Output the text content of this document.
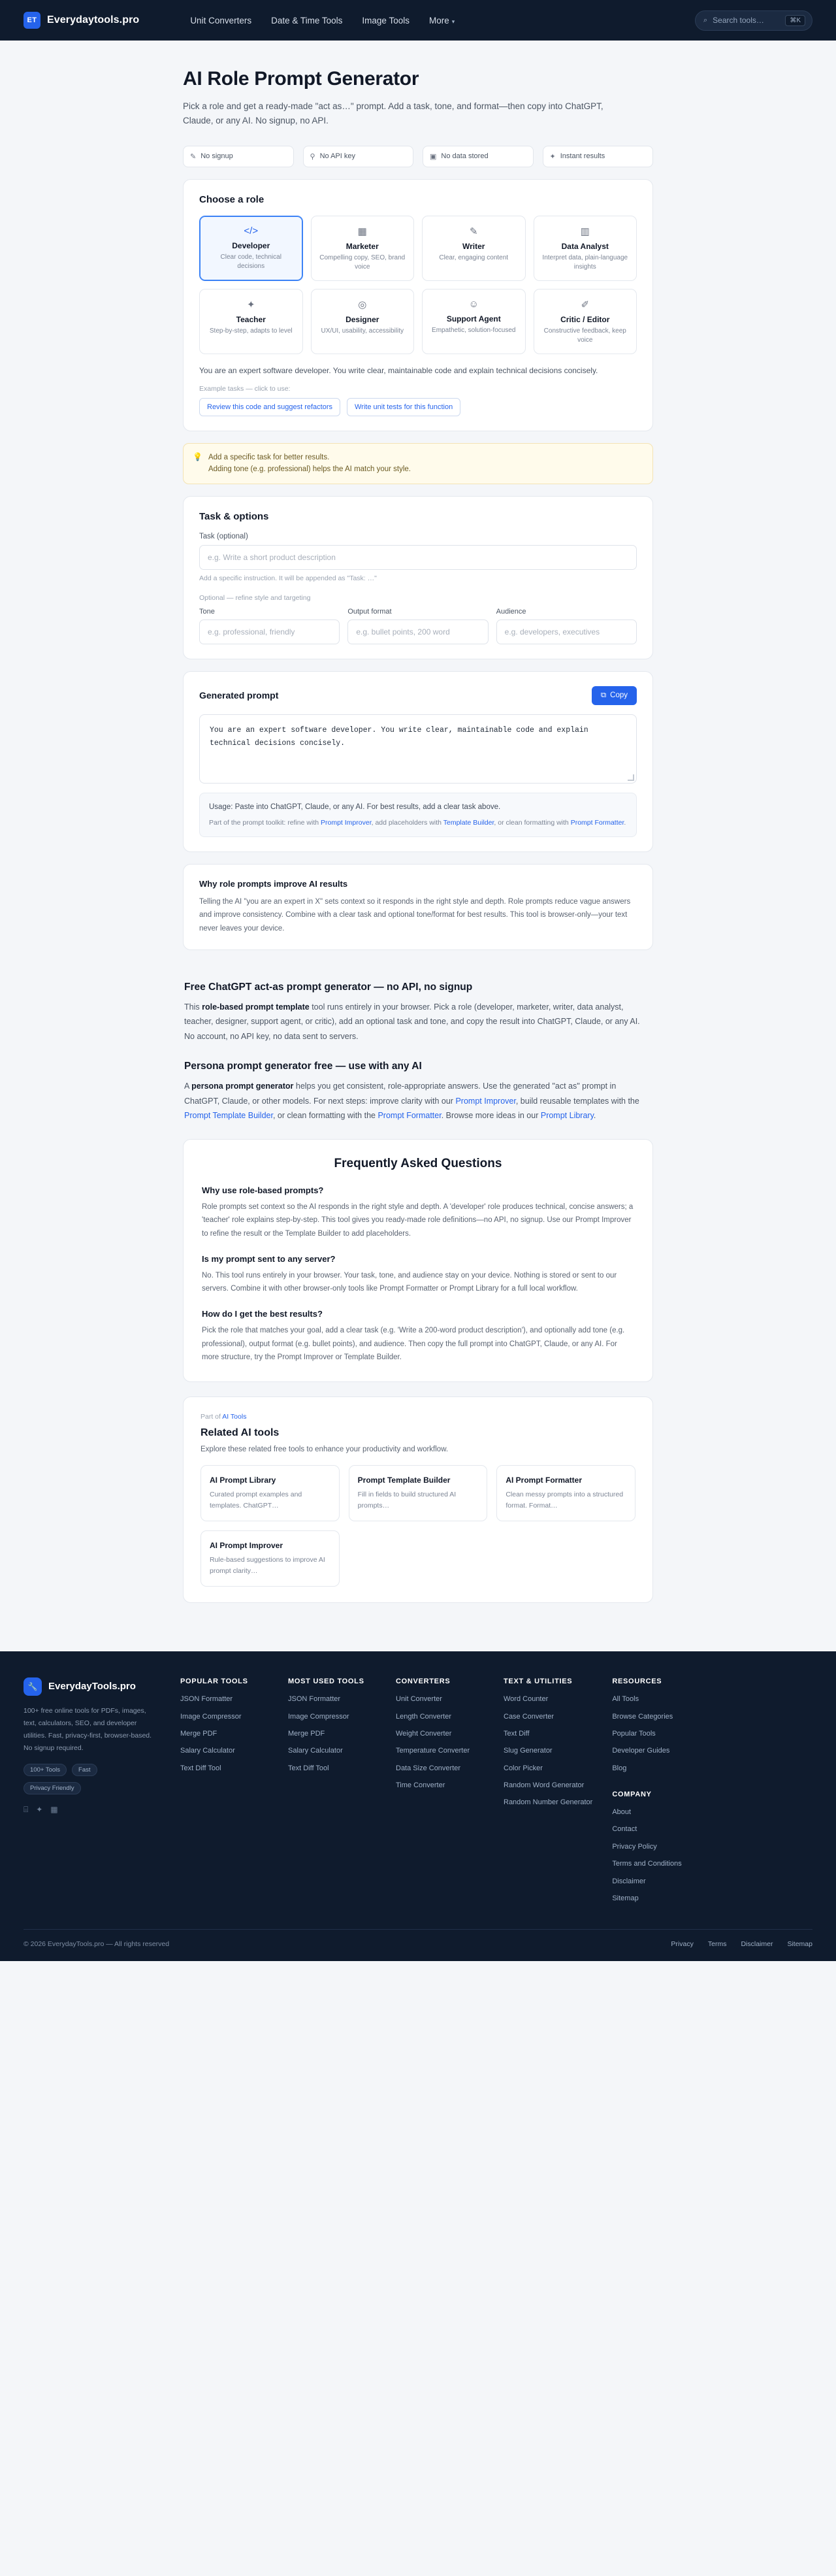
ET Everydaytools.pro	Unit Converters Date & Time Tools Image Tools More ▾	⌕ Search tools…	⌘K
AI Role Prompt Generator

Pick a role and get a ready-made "act as…" prompt. Add a task, tone, and format—then copy into ChatGPT, Claude, or any AI. No signup, no API.

✎ No signup	⚲ No API key	▣ No data stored	✦ Instant results
Choose a role
</>
Developer
Clear code, technical decisions
▦
Marketer
Compelling copy, SEO, brand voice
✎
Writer
Clear, engaging content
▥
Data Analyst
Interpret data, plain-language insights
✦
Teacher
Step-by-step, adapts to level
◎
Designer
UX/UI, usability, accessibility
☺
Support Agent
Empathetic, solution-focused
✐
Critic / Editor
Constructive feedback, keep voice
You are an expert software developer. You write clear, maintainable code and explain technical decisions concisely.
Example tasks — click to use:
Review this code and suggest refactors	Write unit tests for this function
💡 Add a specific task for better results.
Adding tone (e.g. professional) helps the AI match your style.
Task & options
Task (optional)
e.g. Write a short product description
Add a specific instruction. It will be appended as "Task: …"
Optional — refine style and targeting
Tone
e.g. professional, friendly	Output format
e.g. bullet points, 200 word	Audience
e.g. developers, executives
Generated prompt	⧉ Copy
You are an expert software developer. You write clear, maintainable code and explain technical decisions concisely.
Usage: Paste into ChatGPT, Claude, or any AI. For best results, add a clear task above.
Part of the prompt toolkit: refine with Prompt Improver, add placeholders with Template Builder, or clean formatting with Prompt Formatter.
Why role prompts improve AI results
Telling the AI "you are an expert in X" sets context so it responds in the right style and depth. Role prompts reduce vague answers and improve consistency. Combine with a clear task and optional tone/format for best results. This tool is browser-only—your text never leaves your device.
Free ChatGPT act-as prompt generator — no API, no signup

This role-based prompt template tool runs entirely in your browser. Pick a role (developer, marketer, writer, data analyst, teacher, designer, support agent, or critic), add an optional task and tone, and copy the result into ChatGPT, Claude, or any AI. No account, no API key, no data sent to servers.

Persona prompt generator free — use with any AI

A persona prompt generator helps you get consistent, role-appropriate answers. Use the generated "act as" prompt in ChatGPT, Claude, or other models. For next steps: improve clarity with our Prompt Improver, build reusable templates with the Prompt Template Builder, or clean formatting with the Prompt Formatter. Browse more ideas in our Prompt Library.

Frequently Asked Questions
Why use role-based prompts?
Role prompts set context so the AI responds in the right style and depth. A 'developer' role produces technical, concise answers; a 'teacher' role explains step-by-step. This tool gives you ready-made role definitions—no API, no signup. Use our Prompt Improver to refine the result or the Template Builder to add placeholders.
Is my prompt sent to any server?
No. This tool runs entirely in your browser. Your task, tone, and audience stay on your device. Nothing is stored or sent to our servers. Combine it with other browser-only tools like Prompt Formatter or Prompt Library for a full local workflow.
How do I get the best results?
Pick the role that matches your goal, add a clear task (e.g. 'Write a 200-word product description'), and optionally add tone (e.g. professional), output format (e.g. bullet points), and audience. Then copy the full prompt into ChatGPT, Claude, or any AI. For more structure, try the Prompt Improver or Template Builder.
Part of AI Tools
Related AI tools
Explore these related free tools to enhance your productivity and workflow.
AI Prompt Library
Curated prompt examples and templates. ChatGPT…
Prompt Template Builder
Fill in fields to build structured AI prompts…
AI Prompt Formatter
Clean messy prompts into a structured format. Format…
AI Prompt Improver
Rule-based suggestions to improve AI prompt clarity…
🔧	EverydayTools.pro
100+ free online tools for PDFs, images, text, calculators, SEO, and developer utilities. Fast, privacy-first, browser-based. No signup required.
100+ Tools	Fast
Privacy Friendly
⌸ ✦ ▦
POPULAR TOOLS
JSON Formatter
Image Compressor
Merge PDF
Salary Calculator
Text Diff Tool
MOST USED TOOLS
JSON Formatter
Image Compressor
Merge PDF
Salary Calculator
Text Diff Tool
CONVERTERS
Unit Converter
Length Converter
Weight Converter
Temperature Converter
Data Size Converter
Time Converter
TEXT & UTILITIES
Word Counter
Case Converter
Text Diff
Slug Generator
Color Picker
Random Word Generator
Random Number Generator
RESOURCES
All Tools
Browse Categories
Popular Tools
Developer Guides
Blog
COMPANY
About
Contact
Privacy Policy
Terms and Conditions
Disclaimer
Sitemap
© 2026 EverydayTools.pro — All rights reserved	Privacy Terms Disclaimer Sitemap
